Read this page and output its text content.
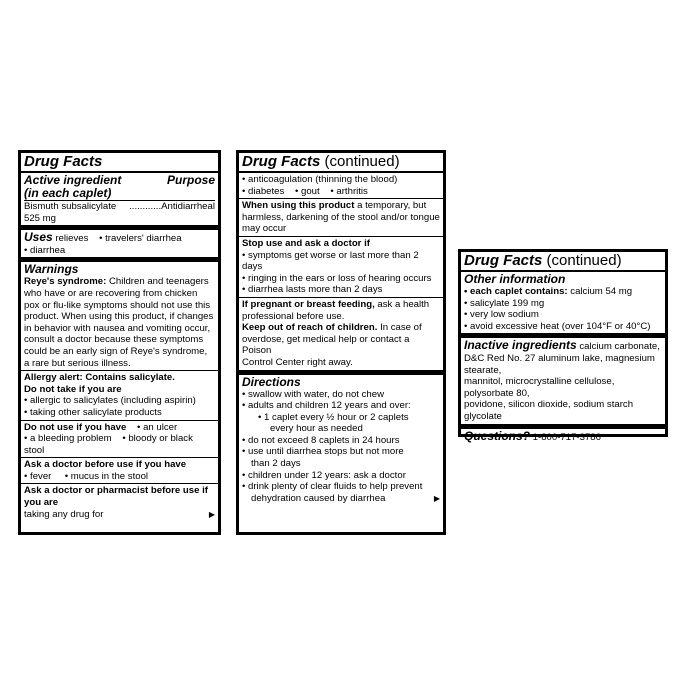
Drug Facts
Active ingredient	Purpose
(in each caplet)
Bismuth subsalicylate 525 mg
............ Antidiarrheal
Uses relieves • travelers' diarrhea
• diarrhea
Warnings
Reye's syndrome: Children and teenagers
who have or are recovering from chicken
pox or flu-like symptoms should not use this
product. When using this product, if changes
in behavior with nausea and vomiting occur,
consult a doctor because these symptoms
could be an early sign of Reye's syndrome,
a rare but serious illness.
Allergy alert: Contains salicylate.
Do not take if you are
• allergic to salicylates (including aspirin)
• taking other salicylate products
Do not use if you have • an ulcer
• a bleeding problem • bloody or black stool
Ask a doctor before use if you have
• fever • mucus in the stool
Ask a doctor or pharmacist before use if you are
taking any drug for	▶
Drug Facts (continued)
• anticoagulation (thinning the blood)
• diabetes • gout • arthritis
When using this product a temporary, but
harmless, darkening of the stool and/or tongue
may occur
Stop use and ask a doctor if
• symptoms get worse or last more than 2 days
• ringing in the ears or loss of hearing occurs
• diarrhea lasts more than 2 days
If pregnant or breast feeding, ask a health
professional before use.
Keep out of reach of children. In case of
overdose, get medical help or contact a Poison
Control Center right away.
Directions
• swallow with water, do not chew
• adults and children 12 years and over:
• 1 caplet every ½ hour or 2 caplets
every hour as needed
• do not exceed 8 caplets in 24 hours
• use until diarrhea stops but not more
than 2 days
• children under 12 years: ask a doctor
• drink plenty of clear fluids to help prevent
dehydration caused by diarrhea	▶
Drug Facts (continued)
Other information
• each caplet contains: calcium 54 mg
• salicylate 199 mg
• very low sodium
• avoid excessive heat (over 104°F or 40°C)
Inactive ingredients calcium carbonate,
D&C Red No. 27 aluminum lake, magnesium stearate,
mannitol, microcrystalline cellulose, polysorbate 80,
povidone, silicon dioxide, sodium starch glycolate
Questions? 1-800-717-3786
